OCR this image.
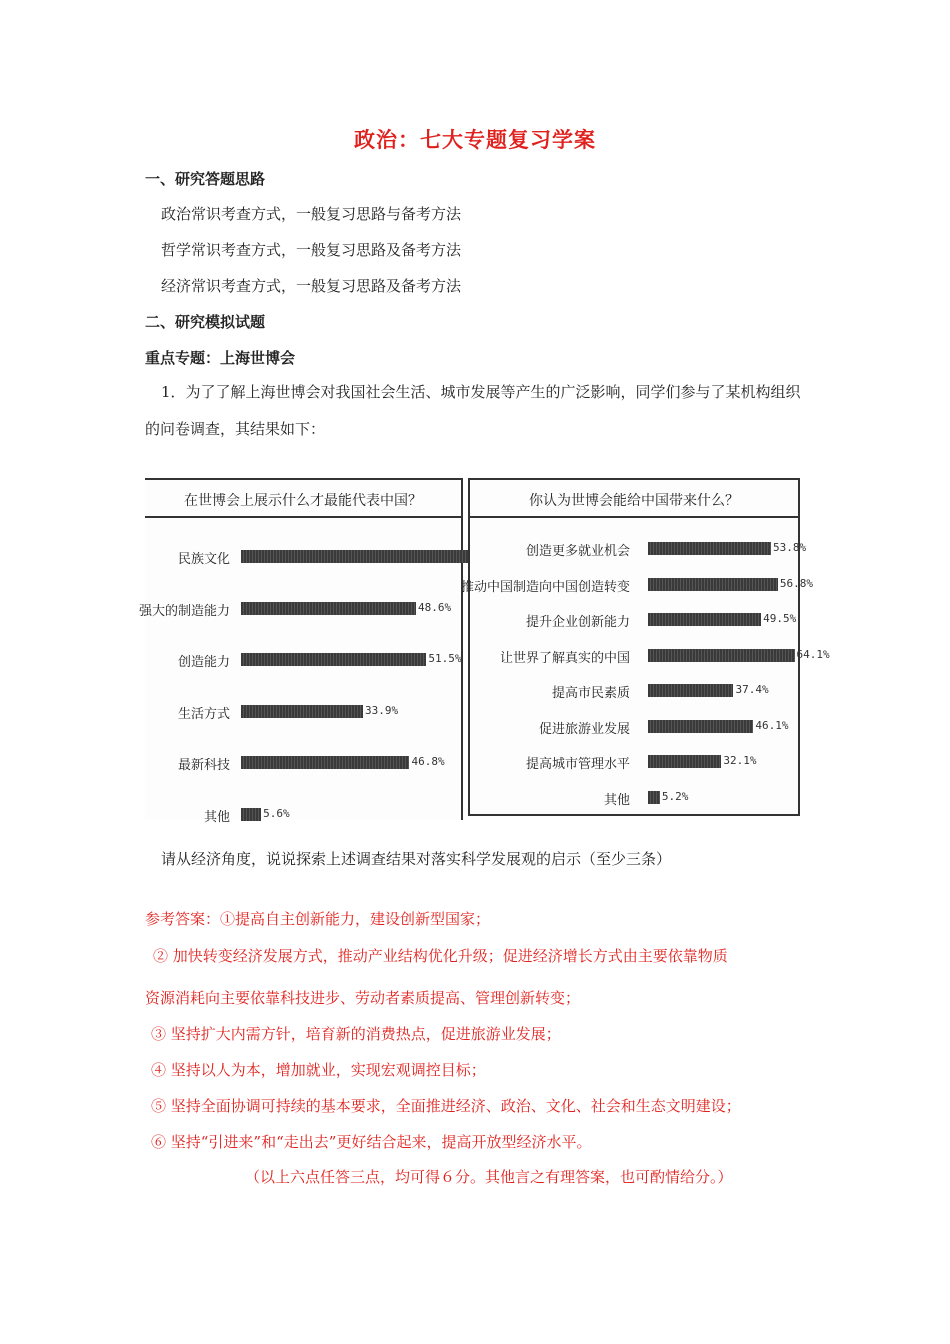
政治：七大专题复习学案
一、研究答题思路
政治常识考查方式，一般复习思路与备考方法
哲学常识考查方式，一般复习思路及备考方法
经济常识考查方式，一般复习思路及备考方法
二、研究模拟试题
重点专题：上海世博会
1．为了了解上海世博会对我国社会生活、城市发展等产生的广泛影响，同学们参与了某机构组织的问卷调查，其结果如下：
在世博会上展示什么才最能代表中国？
民族文化
强大的制造能力	48.6%
创造能力	51.5%
生活方式	33.9%
最新科技	46.8%
其他	5.6%
你认为世博会能给中国带来什么？
创造更多就业机会	53.8%
推动中国制造向中国创造转变	56.8%
提升企业创新能力	49.5%
让世界了解真实的中国	64.1%
提高市民素质	37.4%
促进旅游业发展	46.1%
提高城市管理水平	32.1%
其他	5.2%
请从经济角度，说说探索上述调查结果对落实科学发展观的启示（至少三条）
参考答案：①提高自主创新能力，建设创新型国家；
② 加快转变经济发展方式，推动产业结构优化升级；促进经济增长方式由主要依靠物质
资源消耗向主要依靠科技进步、劳动者素质提高、管理创新转变；
③ 坚持扩大内需方针，培育新的消费热点，促进旅游业发展；
④ 坚持以人为本，增加就业，实现宏观调控目标；
⑤ 坚持全面协调可持续的基本要求，全面推进经济、政治、文化、社会和生态文明建设；
⑥ 坚持“引进来”和“走出去”更好结合起来，提高开放型经济水平。
（以上六点任答三点，均可得６分。其他言之有理答案，也可酌情给分。）
